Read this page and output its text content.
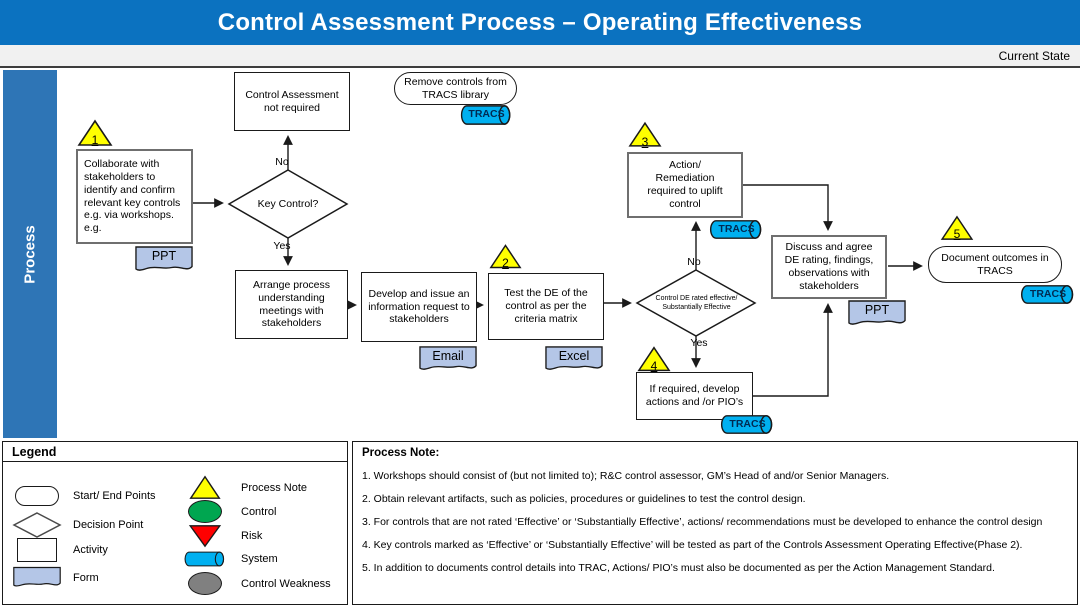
Control Assessment Process – Operating Effectiveness
Current State
Process
1
2
3
4
5
Collaborate with stakeholders to identify and confirm relevant key controls e.g. via workshops. e.g.
Control Assessment not required
Remove controls from TRACS library
Arrange process understanding meetings with stakeholders
Develop and issue an information request to stakeholders
Test the DE of the control as per the criteria matrix
Action/ Remediation required to uplift control
If required, develop actions and /or PIO’s
Discuss and agree DE rating, findings, observations with stakeholders
Document outcomes in TRACS
Key Control?
Control DE rated effective/ Substantially Effective
No
Yes
No
Yes
PPT
Email	Excel
PPT
TRACS
TRACS
TRACS
TRACS
Legend
Start/ End Points
Decision Point
Activity
Form
Process Note
Control
Risk
System
Control Weakness
Process Note:
1. Workshops should consist of (but not limited to); R&C control assessor, GM’s Head of and/or Senior Managers.
2. Obtain relevant artifacts, such as policies, procedures or guidelines to test the control design.
3. For controls that are not rated ‘Effective’ or ‘Substantially Effective’, actions/ recommendations must be developed to enhance the control design
4. Key controls marked as ‘Effective’ or ‘Substantially Effective’ will be tested as part of the Controls Assessment Operating Effective(Phase 2).
5. In addition to documents control details into TRAC, Actions/ PIO’s must also be documented as per the Action Management Standard.
